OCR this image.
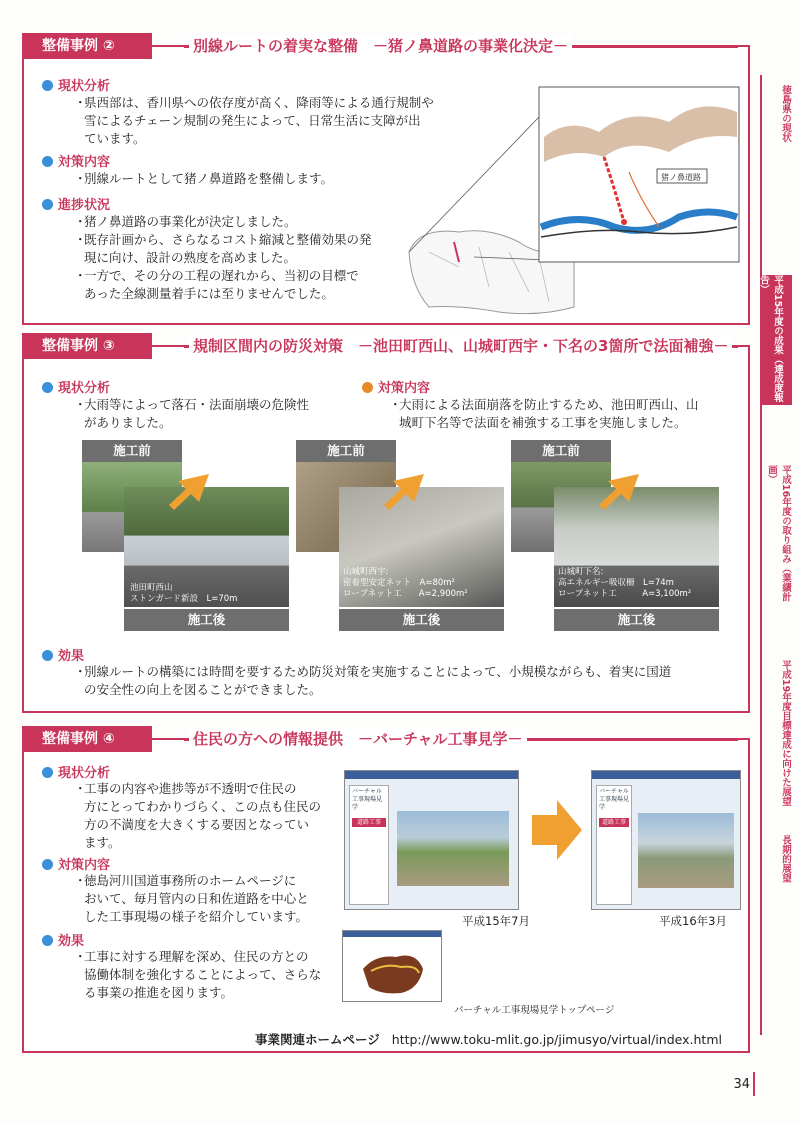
徳島県の現状
平成15年度の成果（達成度報告）
平成16年度の取り組み（業績計画）
平成19年度目標達成に向けた展望
長期的展望
整備事例 ②	別線ルートの着実な整備　－猪ノ鼻道路の事業化決定－
現状分析
・
県西部は、香川県への依存度が高く、降雨等による通行規制や
雪によるチェーン規制の発生によって、日常生活に支障が出
ています。
対策内容
・
別線ルートとして猪ノ鼻道路を整備します。
進捗状況
・
猪ノ鼻道路の事業化が決定しました。
・
既存計画から、さらなるコスト縮減と整備効果の発
現に向け、設計の熟度を高めました。
・
一方で、その分の工程の遅れから、当初の目標で
あった全線測量着手には至りませんでした。
猪ノ鼻道路
整備事例 ③	規制区間内の防災対策　－池田町西山、山城町西宇・下名の3箇所で法面補強－
現状分析
・
大雨等によって落石・法面崩壊の危険性
がありました。
対策内容
・
大雨による法面崩落を防止するため、池田町西山、山
城町下名等で法面を補強する工事を実施しました。
施工前
池田町西山
ストンガード新設　L=70m
施工後
施工前
山城町西宇:
密着型安定ネット　A=80m²
ロープネット工　　A=2,900m²
施工後
施工前
山城町下名:
高エネルギー吸収柵　L=74m
ロープネット工　　　A=3,100m²
施工後
効果
・
別線ルートの構築には時間を要するため防災対策を実施することによって、小規模ながらも、着実に国道
の安全性の向上を図ることができました。
整備事例 ④	住民の方への情報提供　－バーチャル工事見学－
現状分析
・
工事の内容や進捗等が不透明で住民の
方にとってわかりづらく、この点も住民の
方の不満度を大きくする要因となってい
ます。
対策内容
・
徳島河川国道事務所のホームページに
おいて、毎月管内の日和佐道路を中心と
した工事現場の様子を紹介しています。
効果
・
工事に対する理解を深め、住民の方との
協働体制を強化することによって、さらな
る事業の推進を図ります。
バーチャル工事現場見学
道路工事
平成15年7月
バーチャル工事現場見学
道路工事
平成16年3月
バーチャル工事現場見学トップページ
事業関連ホームページ http://www.toku-mlit.go.jp/jimusyo/virtual/index.html
34
